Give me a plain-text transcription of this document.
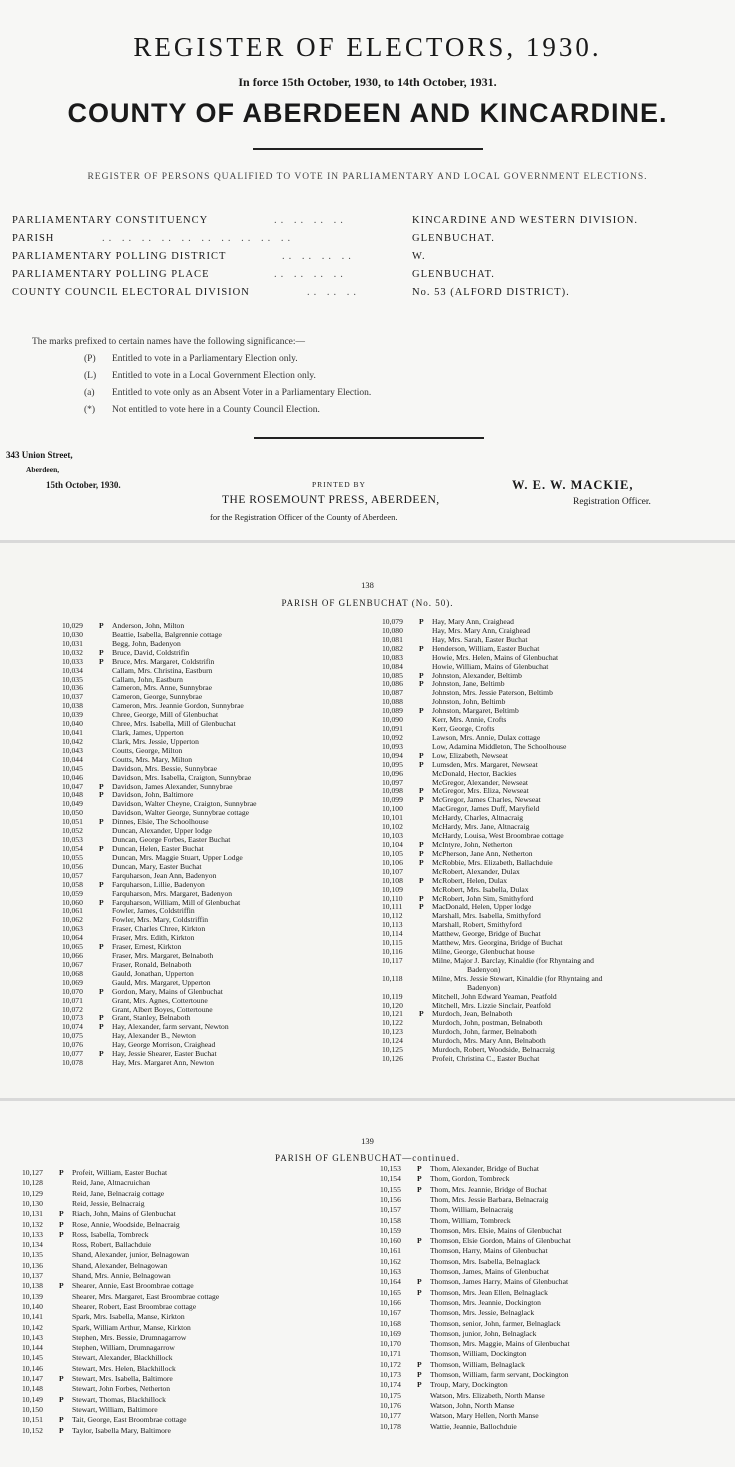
REGISTER OF ELECTORS, 1930.
In force 15th October, 1930, to 14th October, 1931.
COUNTY OF ABERDEEN AND KINCARDINE.
REGISTER OF PERSONS QUALIFIED TO VOTE IN PARLIAMENTARY AND LOCAL GOVERNMENT ELECTIONS.
PARLIAMENTARY CONSTITUENCY	.. .. .. ..	KINCARDINE AND WESTERN DIVISION.
PARISH	.. .. .. .. .. .. .. .. .. ..	GLENBUCHAT.
PARLIAMENTARY POLLING DISTRICT	.. .. .. ..	W.
PARLIAMENTARY POLLING PLACE	.. .. .. ..	GLENBUCHAT.
COUNTY COUNCIL ELECTORAL DIVISION	.. .. ..	No. 53 (ALFORD DISTRICT).
The marks prefixed to certain names have the following significance:—
(P) Entitled to vote in a Parliamentary Election only.
(L) Entitled to vote in a Local Government Election only.
(a) Entitled to vote only as an Absent Voter in a Parliamentary Election.
(*) Not entitled to vote here in a County Council Election.
343 Union Street,
Aberdeen,
15th October, 1930.	PRINTED BY
THE ROSEMOUNT PRESS, ABERDEEN,
for the Registration Officer of the County of Aberdeen.
W. E. W. MACKIE,
Registration Officer.
138
PARISH OF GLENBUCHAT (No. 50).
10,029	P Anderson, John, Milton
10,030	Beattie, Isabella, Balgrennie cottage
10,031	Begg, John, Badenyon
10,032	P Bruce, David, Coldstrifin
10,033	P Bruce, Mrs. Margaret, Coldstrifin
10,034	Callam, Mrs. Christina, Eastburn
10,035	Callam, John, Eastburn
10,036	Cameron, Mrs. Anne, Sunnybrae
10,037	Cameron, George, Sunnybrae
10,038	Cameron, Mrs. Jeannie Gordon, Sunnybrae
10,039	Chree, George, Mill of Glenbuchat
10,040	Chree, Mrs. Isabella, Mill of Glenbuchat
10,041	Clark, James, Upperton
10,042	Clark, Mrs. Jessie, Upperton
10,043	Coutts, George, Milton
10,044	Coutts, Mrs. Mary, Milton
10,045	Davidson, Mrs. Bessie, Sunnybrae
10,046	Davidson, Mrs. Isabella, Craigton, Sunnybrae
10,047	P Davidson, James Alexander, Sunnybrae
10,048	P Davidson, John, Baltimore
10,049	Davidson, Walter Cheyne, Craigton, Sunnybrae
10,050	Davidson, Walter George, Sunnybrae cottage
10,051	P Dinnes, Elsie, The Schoolhouse
10,052	Duncan, Alexander, Upper lodge
10,053	Duncan, George Forbes, Easter Buchat
10,054	P Duncan, Helen, Easter Buchat
10,055	Duncan, Mrs. Maggie Stuart, Upper Lodge
10,056	Duncan, Mary, Easter Buchat
10,057	Farquharson, Jean Ann, Badenyon
10,058	P Farquharson, Lillie, Badenyon
10,059	Farquharson, Mrs. Margaret, Badenyon
10,060	P Farquharson, William, Mill of Glenbuchat
10,061	Fowler, James, Coldstriffin
10,062	Fowler, Mrs. Mary, Coldstriffin
10,063	Fraser, Charles Chree, Kirkton
10,064	Fraser, Mrs. Edith, Kirkton
10,065	P Fraser, Ernest, Kirkton
10,066	Fraser, Mrs. Margaret, Belnaboth
10,067	Fraser, Ronald, Belnaboth
10,068	Gauld, Jonathan, Upperton
10,069	Gauld, Mrs. Margaret, Upperton
10,070	P Gordon, Mary, Mains of Glenbuchat
10,071	Grant, Mrs. Agnes, Cottertoune
10,072	Grant, Albert Boyes, Cottertoune
10,073	P Grant, Stanley, Belnaboth
10,074	P Hay, Alexander, farm servant, Newton
10,075	Hay, Alexander B., Newton
10,076	Hay, George Morrison, Craighead
10,077	P Hay, Jessie Shearer, Easter Buchat
10,078	Hay, Mrs. Margaret Ann, Newton
10,079	P Hay, Mary Ann, Craighead
10,080	Hay, Mrs. Mary Ann, Craighead
10,081	Hay, Mrs. Sarah, Easter Buchat
10,082	P Henderson, William, Easter Buchat
10,083	Howie, Mrs. Helen, Mains of Glenbuchat
10,084	Howie, William, Mains of Glenbuchat
10,085	P Johnston, Alexander, Beltimb
10,086	P Johnston, Jane, Beltimb
10,087	Johnston, Mrs. Jessie Paterson, Beltimb
10,088	Johnston, John, Beltimb
10,089	P Johnston, Margaret, Beltimb
10,090	Kerr, Mrs. Annie, Crofts
10,091	Kerr, George, Crofts
10,092	Lawson, Mrs. Annie, Dulax cottage
10,093	Low, Adamina Middleton, The Schoolhouse
10,094	P Low, Elizabeth, Newseat
10,095	P Lumsden, Mrs. Margaret, Newseat
10,096	McDonald, Hector, Backies
10,097	McGregor, Alexander, Newseat
10,098	P McGregor, Mrs. Eliza, Newseat
10,099	P McGregor, James Charles, Newseat
10,100	MacGregor, James Duff, Maryfield
10,101	McHardy, Charles, Altnacraig
10,102	McHardy, Mrs. Jane, Altnacraig
10,103	McHardy, Louisa, West Broombrae cottage
10,104	P McIntyre, John, Netherton
10,105	P McPherson, Jane Ann, Netherton
10,106	P McRobbie, Mrs. Elizabeth, Ballachduie
10,107	McRobert, Alexander, Dulax
10,108	P McRobert, Helen, Dulax
10,109	McRobert, Mrs. Isabella, Dulax
10,110	P McRobert, John Sim, Smithyford
10,111	P MacDonald, Helen, Upper lodge
10,112	Marshall, Mrs. Isabella, Smithyford
10,113	Marshall, Robert, Smithyford
10,114	Matthew, George, Bridge of Buchat
10,115	Matthew, Mrs. Georgina, Bridge of Buchat
10,116	Milne, George, Glenbuchat house
10,117	Milne, Major J. Barclay, Kinaldie (for Rhyntaing and
Badenyon)
10,118	Milne, Mrs. Jessie Stewart, Kinaldie (for Rhyntaing and
Badenyon)
10,119	Mitchell, John Edward Yeaman, Peatfold
10,120	Mitchell, Mrs. Lizzie Sinclair, Peatfold
10,121	P Murdoch, Jean, Belnaboth
10,122	Murdoch, John, postman, Belnaboth
10,123	Murdoch, John, farmer, Belnaboth
10,124	Murdoch, Mrs. Mary Ann, Belnaboth
10,125	Murdoch, Robert, Woodside, Belnacraig
10,126	Profeit, Christina C., Easter Buchat
139
PARISH OF GLENBUCHAT—continued.
10,127	P Profeit, William, Easter Buchat
10,128	Reid, Jane, Altnacruichan
10,129	Reid, Jane, Belnacraig cottage
10,130	Reid, Jessie, Belnacraig
10,131	P Riach, John, Mains of Glenbuchat
10,132	P Rose, Annie, Woodside, Belnacraig
10,133	P Ross, Isabella, Tombreck
10,134	Ross, Robert, Ballachduie
10,135	Shand, Alexander, junior, Belnagowan
10,136	Shand, Alexander, Belnagowan
10,137	Shand, Mrs. Annie, Belnagowan
10,138	P Shearer, Annie, East Broombrae cottage
10,139	Shearer, Mrs. Margaret, East Broombrae cottage
10,140	Shearer, Robert, East Broombrae cottage
10,141	Spark, Mrs. Isabella, Manse, Kirkton
10,142	Spark, William Arthur, Manse, Kirkton
10,143	Stephen, Mrs. Bessie, Drumnagarrow
10,144	Stephen, William, Drumnagarrow
10,145	Stewart, Alexander, Blackhillock
10,146	Stewart, Mrs. Helen, Blackhillock
10,147	P Stewart, Mrs. Isabella, Baltimore
10,148	Stewart, John Forbes, Netherton
10,149	P Stewart, Thomas, Blackhillock
10,150	Stewart, William, Baltimore
10,151	P Tait, George, East Broombrae cottage
10,152	P Taylor, Isabella Mary, Baltimore
10,153	P Thom, Alexander, Bridge of Buchat
10,154	P Thom, Gordon, Tombreck
10,155	P Thom, Mrs. Jeannie, Bridge of Buchat
10,156	Thom, Mrs. Jessie Barbara, Belnacraig
10,157	Thom, William, Belnacraig
10,158	Thom, William, Tombreck
10,159	Thomson, Mrs. Elsie, Mains of Glenbuchat
10,160	P Thomson, Elsie Gordon, Mains of Glenbuchat
10,161	Thomson, Harry, Mains of Glenbuchat
10,162	Thomson, Mrs. Isabella, Belnaglack
10,163	Thomson, James, Mains of Glenbuchat
10,164	P Thomson, James Harry, Mains of Glenbuchat
10,165	P Thomson, Mrs. Jean Ellen, Belnaglack
10,166	Thomson, Mrs. Jeannie, Dockington
10,167	Thomson, Mrs. Jessie, Belnaglack
10,168	Thomson, senior, John, farmer, Belnaglack
10,169	Thomson, junior, John, Belnaglack
10,170	Thomson, Mrs. Maggie, Mains of Glenbuchat
10,171	Thomson, William, Dockington
10,172	P Thomson, William, Belnaglack
10,173	P Thomson, William, farm servant, Dockington
10,174	P Troup, Mary, Dockington
10,175	Watson, Mrs. Elizabeth, North Manse
10,176	Watson, John, North Manse
10,177	Watson, Mary Hellen, North Manse
10,178	Wattie, Jeannie, Ballochduie
